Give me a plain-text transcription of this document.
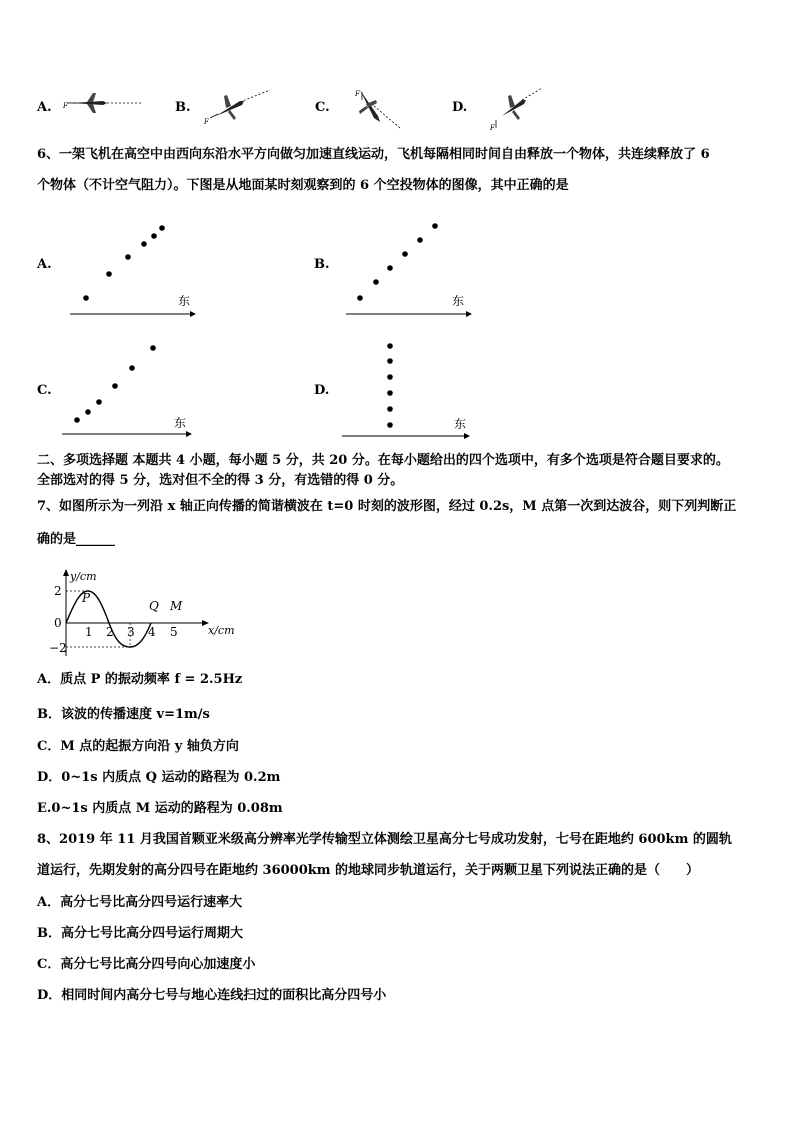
A. F	B.
F
C.
F
D.
F
6、一架飞机在高空中由西向东沿水平方向做匀加速直线运动，飞机每隔相同时间自由释放一个物体，共连续释放了 6
个物体（不计空气阻力）。下图是从地面某时刻观察到的 6 个空投物体的图像，其中正确的是
A.
东
B.
东
C.
东
D.
东
二、多项选择题 本题共 4 小题，每小题 5 分，共 20 分。在每小题给出的四个选项中，有多个选项是符合题目要求的。
全部选对的得 5 分，选对但不全的得 3 分，有选错的得 0 分。
7、如图所示为一列沿 x 轴正向传播的简谐横波在 t=0 时刻的波形图，经过 0.2s，M 点第一次到达波谷，则下列判断正
确的是______
P
Q M
y/cm
x/cm
2
0
−2
1 2 3 4 5
A．质点 P 的振动频率 f = 2.5Hz
B．该波的传播速度 v=1m/s
C．M 点的起振方向沿 y 轴负方向
D．0~1s 内质点 Q 运动的路程为 0.2m
E.0~1s 内质点 M 运动的路程为 0.08m
8、2019 年 11 月我国首颗亚米级高分辨率光学传输型立体测绘卫星高分七号成功发射，七号在距地约 600km 的圆轨
道运行，先期发射的高分四号在距地约 36000km 的地球同步轨道运行，关于两颗卫星下列说法正确的是（　　）
A．高分七号比高分四号运行速率大
B．高分七号比高分四号运行周期大
C．高分七号比高分四号向心加速度小
D．相同时间内高分七号与地心连线扫过的面积比高分四号小
